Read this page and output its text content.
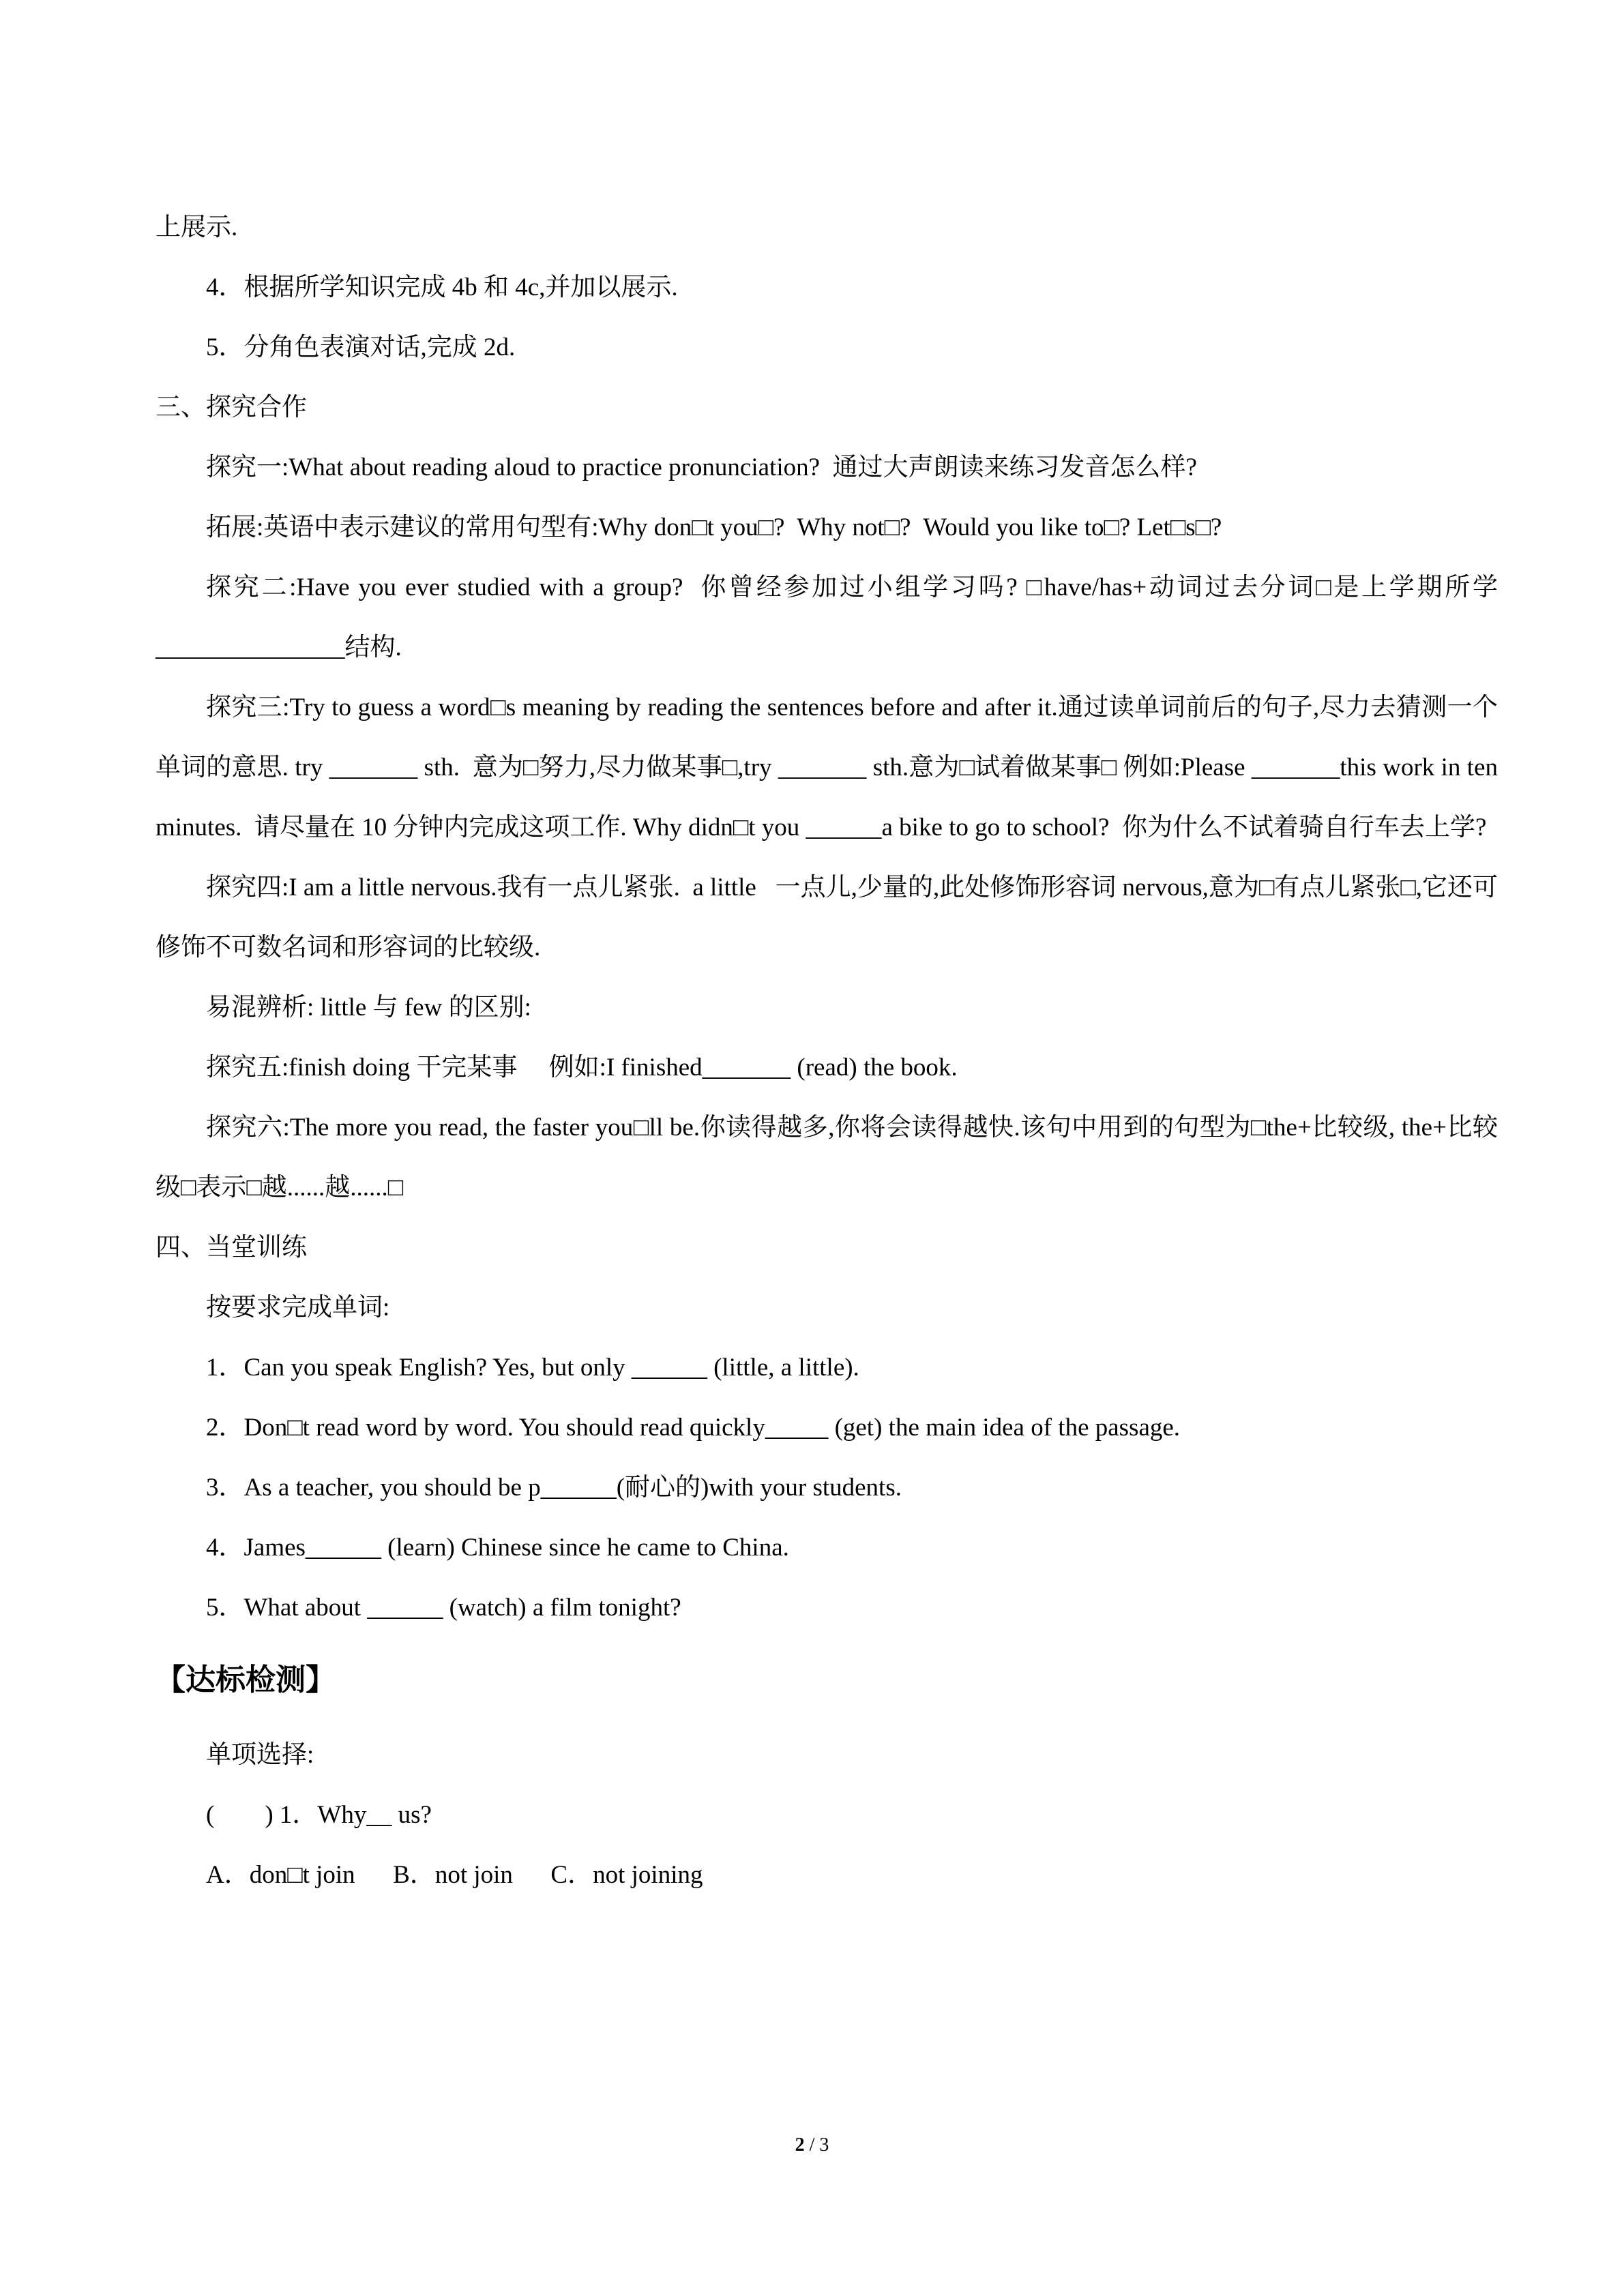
上展示.

4．根据所学知识完成 4b 和 4c,并加以展示.

5．分角色表演对话,完成 2d.

三、探究合作

探究一:What about reading aloud to practice pronunciation?  通过大声朗读来练习发音怎么样?

拓展:英语中表示建议的常用句型有:Why don□t you□?  Why not□?  Would you like to□? Let□s□?

探究二:Have you ever studied with a group?  你曾经参加过小组学习吗? □have/has+动词过去分词□是上学期所学_______________结构.

探究三:Try to guess a word□s meaning by reading the sentences before and after it.通过读单词前后的句子,尽力去猜测一个单词的意思. try _______ sth.  意为□努力,尽力做某事□,try _______ sth.意为□试着做某事□ 例如:Please _______this work in ten minutes.  请尽量在 10 分钟内完成这项工作. Why didn□t you ______a bike to go to school?  你为什么不试着骑自行车去上学?

探究四:I am a little nervous.我有一点儿紧张.  a little   一点儿,少量的,此处修饰形容词 nervous,意为□有点儿紧张□,它还可修饰不可数名词和形容词的比较级.

易混辨析: little 与 few 的区别:

探究五:finish doing 干完某事　 例如:I finished_______ (read) the book.

探究六:The more you read, the faster you□ll be.你读得越多,你将会读得越快.该句中用到的句型为□the+比较级, the+比较级□表示□越......越......□

四、当堂训练

按要求完成单词:

1．Can you speak English? Yes, but only ______ (little, a little).

2．Don□t read word by word. You should read quickly_____ (get) the main idea of the passage.

3．As a teacher, you should be p______(耐心的)with your students.

4．James______ (learn) Chinese since he came to China.

5．What about ______ (watch) a film tonight?

【达标检测】

单项选择:

(　　) 1．Why__ us?

A．don□t join      B．not join      C．not joining

2 / 3
